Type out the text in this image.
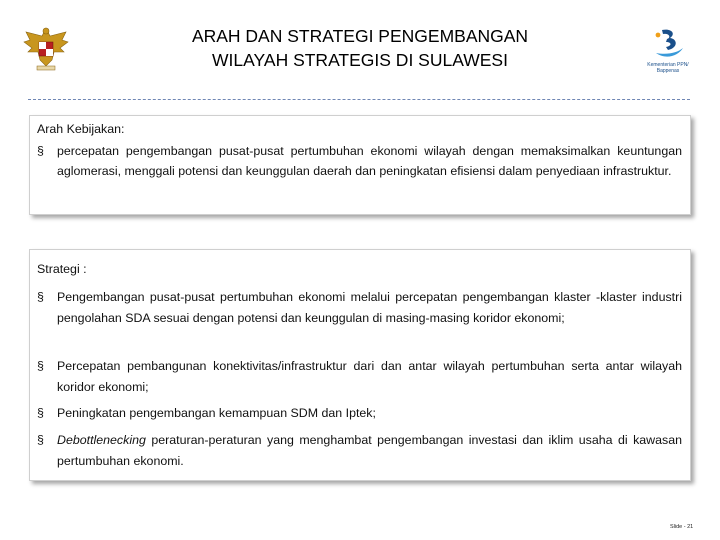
ARAH DAN STRATEGI PENGEMBANGAN
WILAYAH STRATEGIS DI SULAWESI	Kementerian PPN/
Bappenas
Arah Kebijakan:
§	percepatan pengembangan pusat-pusat pertumbuhan ekonomi wilayah dengan memaksimalkan keuntungan aglomerasi, menggali potensi dan keunggulan daerah dan peningkatan efisiensi dalam penyediaan infrastruktur.
Strategi :
§	Pengembangan pusat-pusat pertumbuhan ekonomi melalui percepatan pengembangan klaster -klaster industri pengolahan SDA sesuai dengan potensi dan keunggulan di masing-masing koridor ekonomi;
§	Percepatan pembangunan konektivitas/infrastruktur dari dan antar wilayah pertumbuhan serta antar wilayah koridor ekonomi;
§	Peningkatan pengembangan kemampuan SDM dan Iptek;
§	Debottlenecking peraturan-peraturan yang menghambat pengembangan investasi dan iklim usaha di kawasan pertumbuhan ekonomi.
Slide - 21
